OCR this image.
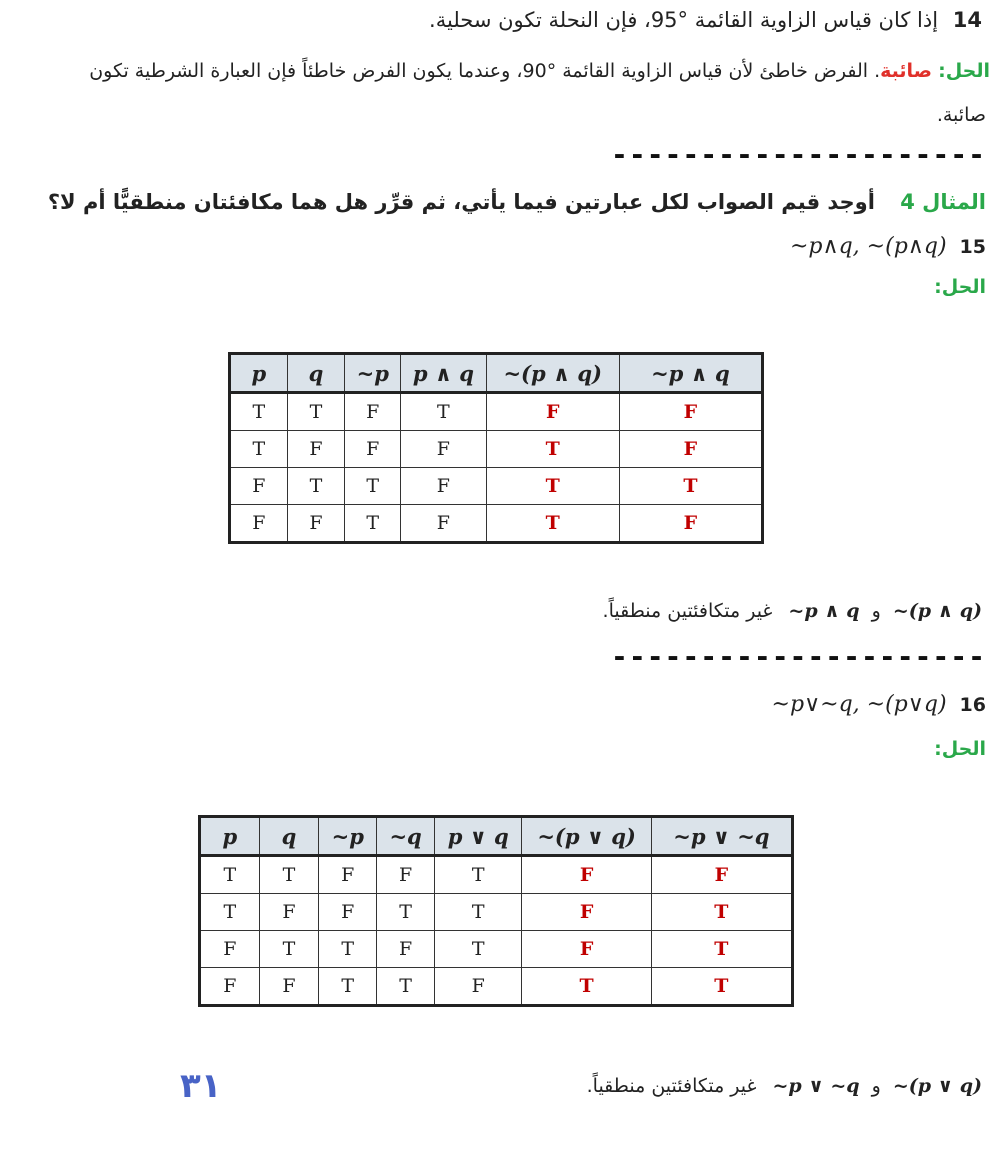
14 إذا كان قياس الزاوية القائمة °95، فإن النحلة تكون سحلية.
الحل: صائبة. الفرض خاطئ لأن قياس الزاوية القائمة °90، وعندما يكون الفرض خاطئاً فإن العبارة الشرطية تكون
صائبة.
---------------------
المثال 4 أوجد قيم الصواب لكل عبارتين فيما يأتي، ثم قرِّر هل هما مكافئتان منطقيًّا أم لا؟
~p∧q, ~(p∧q) 15
الحل:
p	q	~p	p ∧ q	~(p ∧ q)	~p ∧ q
T	T	F	T	F	F
T	F	F	F	T	F
F	T	T	F	T	T
F	F	T	F	T	F
~(p ∧ q) و ~p ∧ q غير متكافئتين منطقياً.
---------------------
~p∨~q, ~(p∨q) 16
الحل:
p	q	~p	~q	p ∨ q	~(p ∨ q)	~p ∨ ~q
T	T	F	F	T	F	F
T	F	F	T	T	F	T
F	T	T	F	T	F	T
F	F	T	T	F	T	T
~(p ∨ q) و ~p ∨ ~q غير متكافئتين منطقياً.
٣١
